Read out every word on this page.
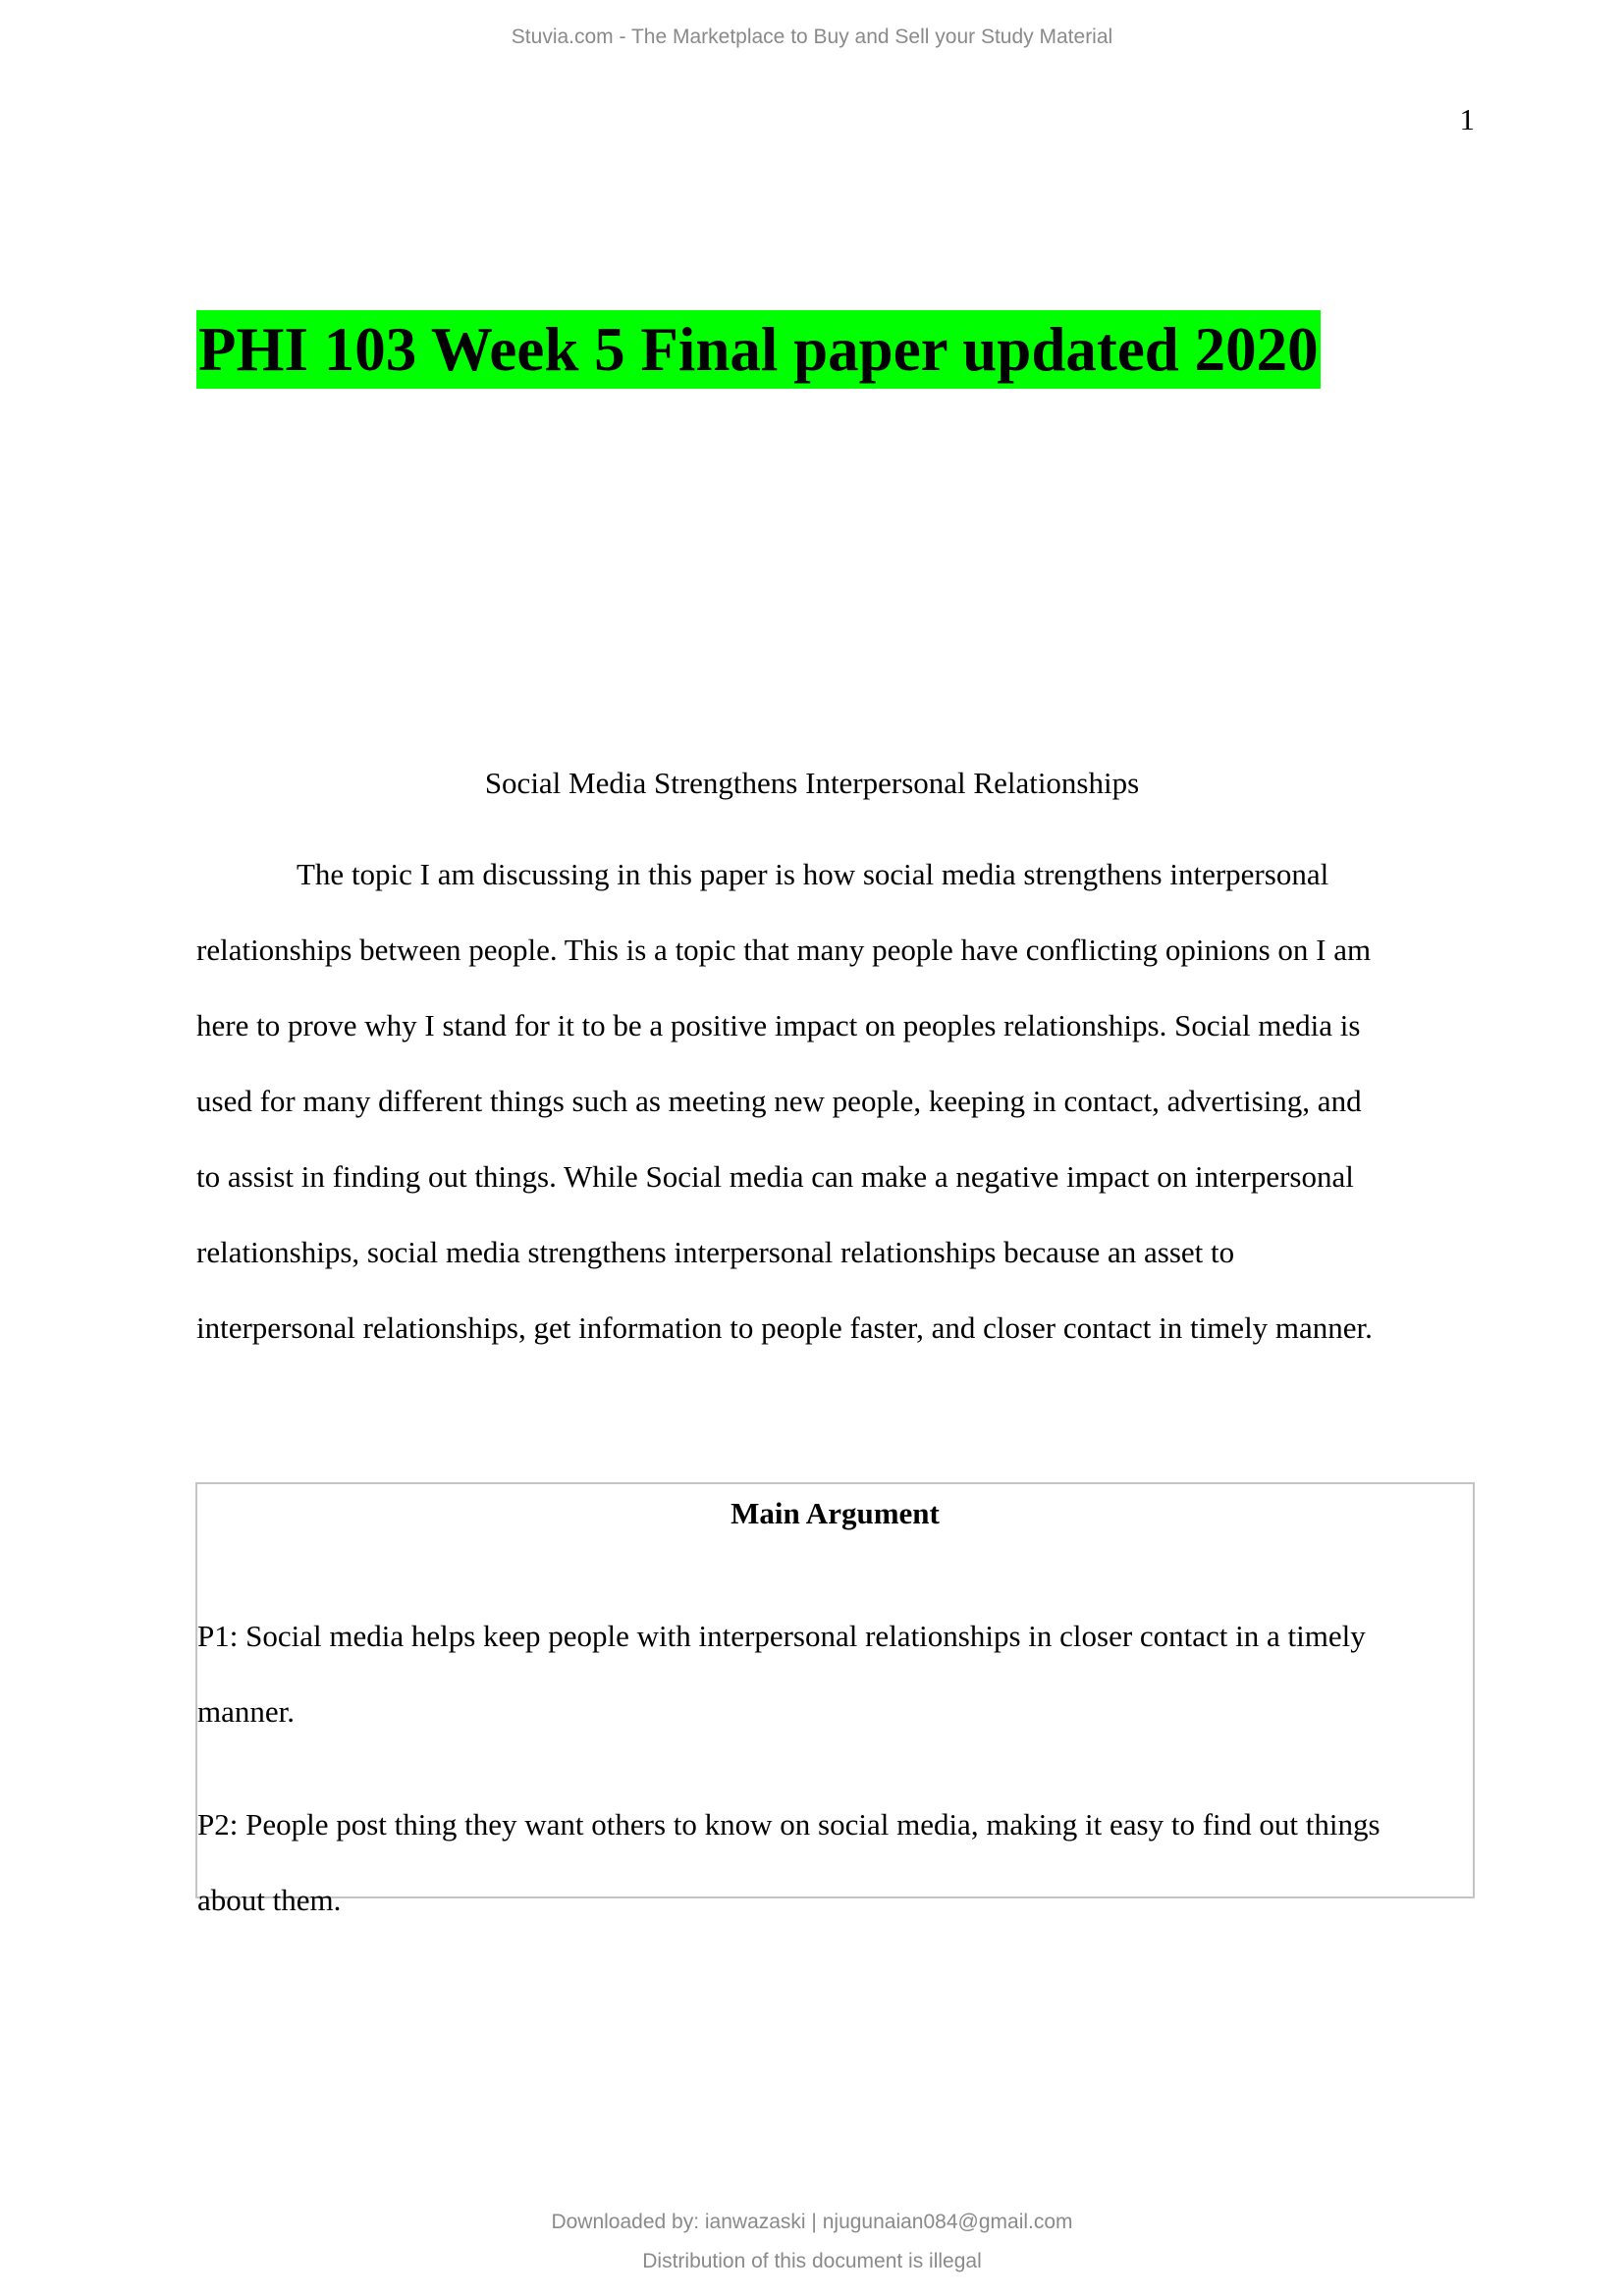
Stuvia.com - The Marketplace to Buy and Sell your Study Material
1
PHI 103 Week 5 Final paper updated 2020
Social Media Strengthens Interpersonal Relationships
The topic I am discussing in this paper is how social media strengthens interpersonal
relationships between people. This is a topic that many people have conflicting opinions on I am
here to prove why I stand for it to be a positive impact on peoples relationships. Social media is
used for many different things such as meeting new people, keeping in contact, advertising, and
to assist in finding out things. While Social media can make a negative impact on interpersonal
relationships, social media strengthens interpersonal relationships because an asset to
interpersonal relationships, get information to people faster, and closer contact in timely manner.
Main Argument
P1: Social media helps keep people with interpersonal relationships in closer contact in a timely
manner.
P2: People post thing they want others to know on social media, making it easy to find out things
about them.
Downloaded by: ianwazaski | njugunaian084@gmail.com
Distribution of this document is illegal
